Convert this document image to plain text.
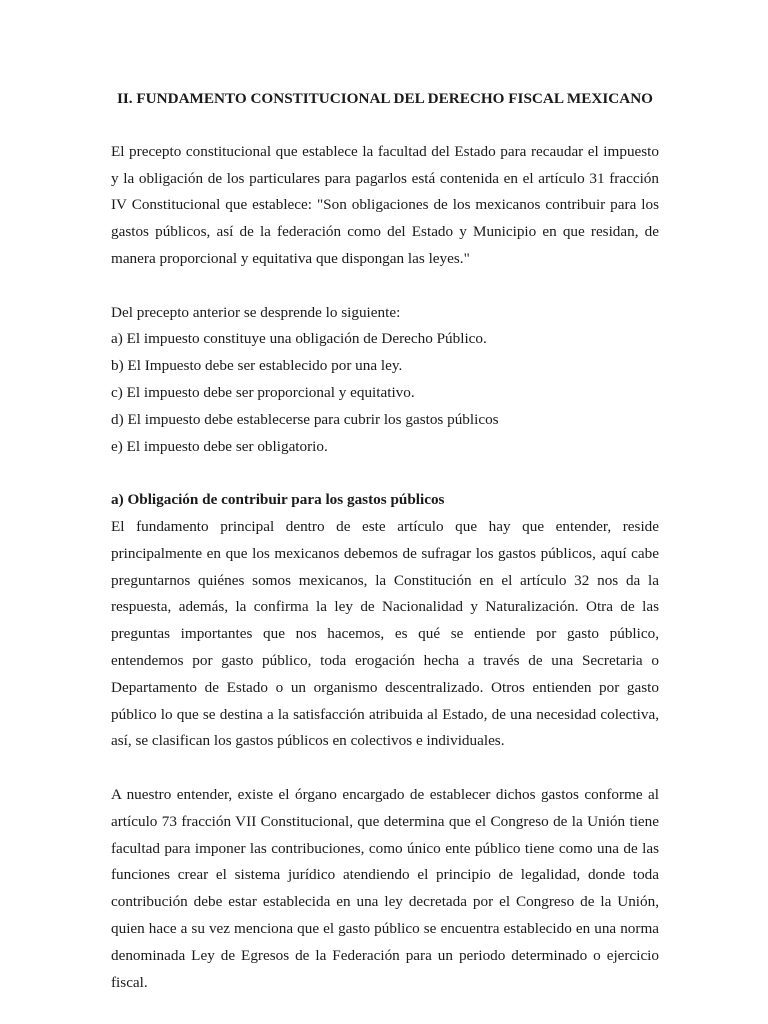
II. FUNDAMENTO CONSTITUCIONAL DEL DERECHO FISCAL MEXICANO

El precepto constitucional que establece la facultad del Estado para recaudar el impuesto y la obligación de los particulares para pagarlos está contenida en el artículo 31 fracción IV Constitucional que establece: "Son obligaciones de los mexicanos contribuir para los gastos públicos, así de la federación como del Estado y Municipio en que residan, de manera proporcional y equitativa que dispongan las leyes."

Del precepto anterior se desprende lo siguiente:

a) El impuesto constituye una obligación de Derecho Público.
b) El Impuesto debe ser establecido por una ley.
c) El impuesto debe ser proporcional y equitativo.
d) El impuesto debe establecerse para cubrir los gastos públicos
e) El impuesto debe ser obligatorio.

a) Obligación de contribuir para los gastos públicos

El fundamento principal dentro de este artículo que hay que entender, reside principalmente en que los mexicanos debemos de sufragar los gastos públicos, aquí cabe preguntarnos quiénes somos mexicanos, la Constitución en el artículo 32 nos da la respuesta, además, la confirma la ley de Nacionalidad y Naturalización. Otra de las preguntas importantes que nos hacemos, es qué se entiende por gasto público, entendemos por gasto público, toda erogación hecha a través de una Secretaria o Departamento de Estado o un organismo descentralizado. Otros entienden por gasto público lo que se destina a la satisfacción atribuida al Estado, de una necesidad colectiva, así, se clasifican los gastos públicos en colectivos e individuales.

A nuestro entender, existe el órgano encargado de establecer dichos gastos conforme al artículo 73 fracción VII Constitucional, que determina que el Congreso de la Unión tiene facultad para imponer las contribuciones, como único ente público tiene como una de las funciones crear el sistema jurídico atendiendo el principio de legalidad, donde toda contribución debe estar establecida en una ley decretada por el Congreso de la Unión, quien hace a su vez menciona que el gasto público se encuentra establecido en una norma denominada Ley de Egresos de la Federación para un periodo determinado o ejercicio fiscal.
